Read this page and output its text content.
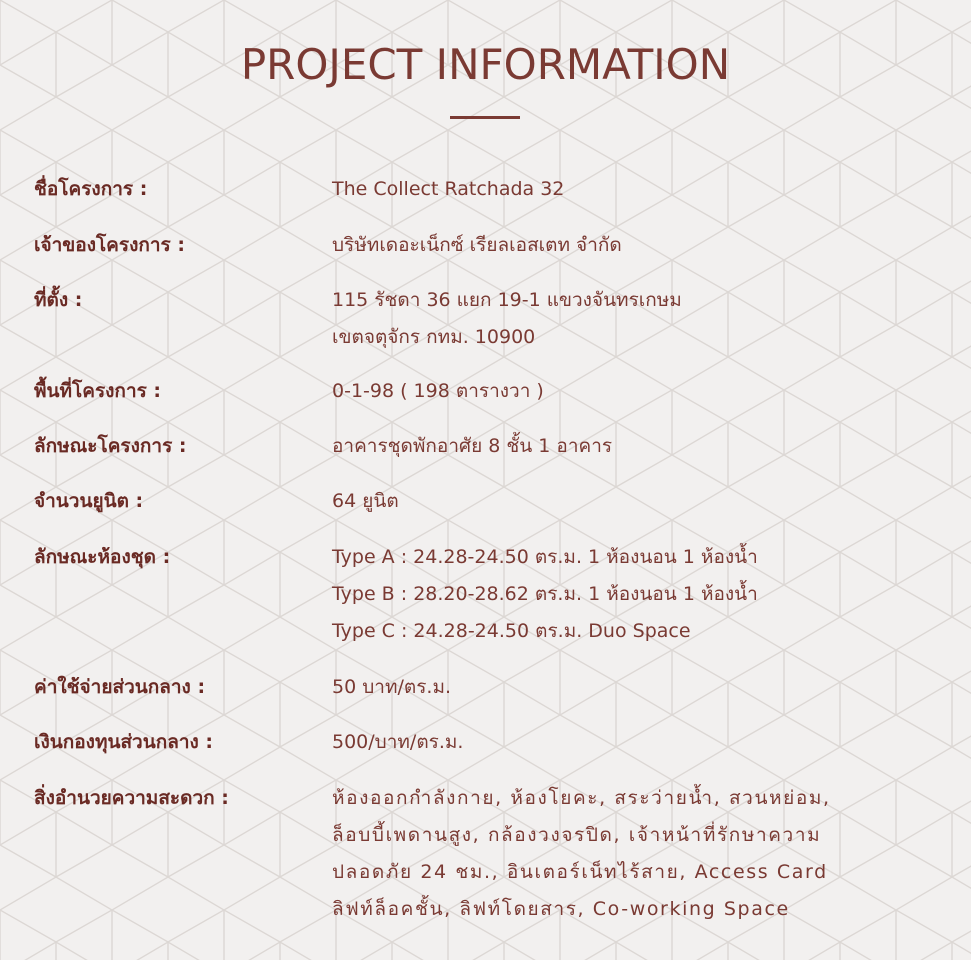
PROJECT INFORMATION
ชื่อโครงการ :	The Collect Ratchada 32
เจ้าของโครงการ :	บริษัทเดอะเน็กซ์ เรียลเอสเตท จำกัด
ที่ตั้ง :	115 รัชดา 36 แยก 19-1 แขวงจันทรเกษม
เขตจตุจักร กทม. 10900
พื้นที่โครงการ :	0-1-98 ( 198 ตารางวา )
ลักษณะโครงการ :	อาคารชุดพักอาศัย 8 ชั้น 1 อาคาร
จำนวนยูนิต :	64 ยูนิต
ลักษณะห้องชุด :	Type A : 24.28-24.50 ตร.ม. 1 ห้องนอน 1 ห้องน้ำ
Type B : 28.20-28.62 ตร.ม. 1 ห้องนอน 1 ห้องน้ำ
Type C : 24.28-24.50 ตร.ม. Duo Space
ค่าใช้จ่ายส่วนกลาง :	50 บาท/ตร.ม.
เงินกองทุนส่วนกลาง :	500/บาท/ตร.ม.
สิ่งอำนวยความสะดวก :	ห้องออกกำลังกาย, ห้องโยคะ, สระว่ายน้ำ, สวนหย่อม,
ล็อบบี้เพดานสูง, กล้องวงจรปิด, เจ้าหน้าที่รักษาความ
ปลอดภัย 24 ชม., อินเตอร์เน็ทไร้สาย, Access Card
ลิฟท์ล็อคชั้น, ลิฟท์โดยสาร, Co-working Space
